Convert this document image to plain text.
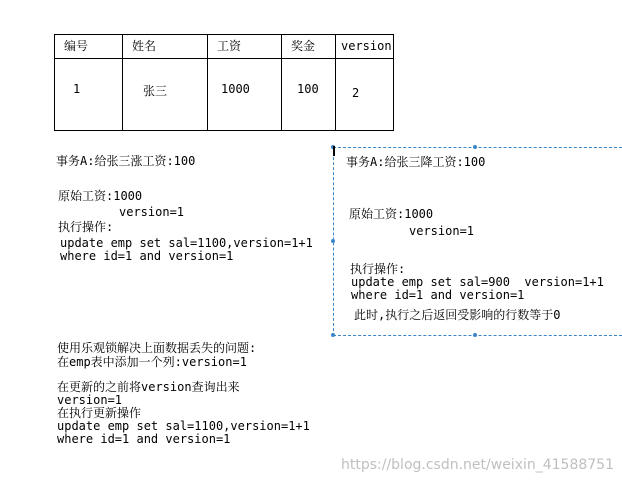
编号	姓名	工资	奖金	version
1	张三	1000	100	2
事务A:给张三涨工资:100
原始工资:1000
version=1
执行操作:
update emp set sal=1100,version=1+1
where id=1 and version=1
事务A:给张三降工资:100
原始工资:1000
version=1
执行操作:
update emp set sal=900  version=1+1
where id=1 and version=1
此时,执行之后返回受影响的行数等于0
使用乐观锁解决上面数据丢失的问题:
在emp表中添加一个列:version=1
在更新的之前将version查询出来
version=1
在执行更新操作
update emp set sal=1100,version=1+1
where id=1 and version=1
https://blog.csdn.net/weixin_41588751
